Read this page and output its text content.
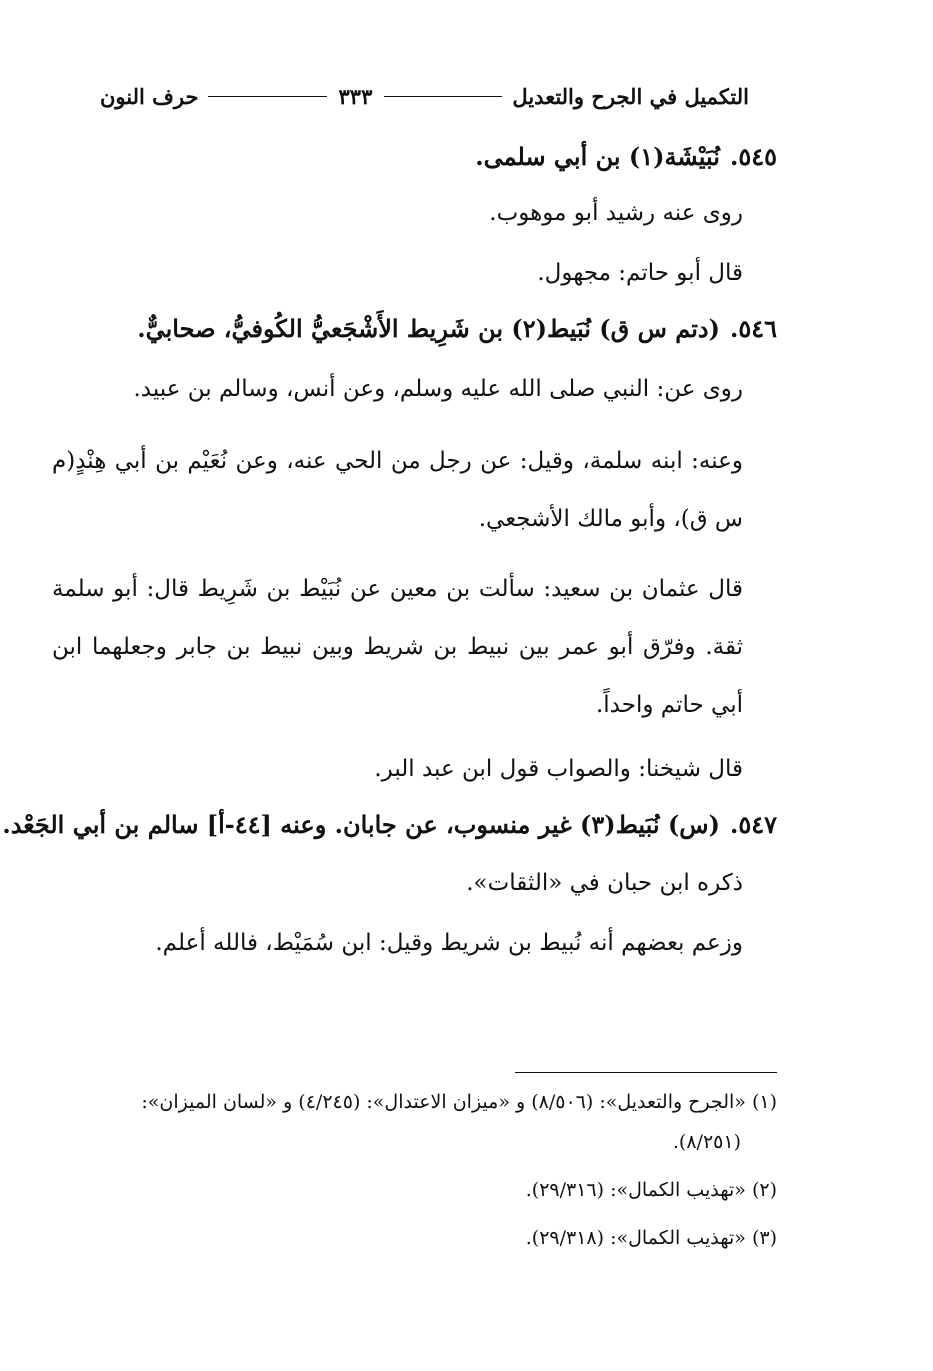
التكميل في الجرح والتعديل
٣٣٣
حرف النون
٥٤٥.نُبَيْشَة(١) بن أبي سلمى.
روى عنه رشيد أبو موهوب.
قال أبو حاتم: مجهول.
٥٤٦.(دتم س ق) نُبَيط(٢) بن شَرِيط الأَشْجَعيُّ الكُوفيُّ، صحابيٌّ.
روى عن: النبي صلى الله عليه وسلم، وعن أنس، وسالم بن عبيد.
وعنه: ابنه سلمة، وقيل: عن رجل من الحي عنه، وعن نُعَيْم بن أبي هِنْدٍ(م س ق)، وأبو مالك الأشجعي.
قال عثمان بن سعيد: سألت بن معين عن نُبَيْط بن شَرِيط قال: أبو سلمة ثقة. وفرّق أبو عمر بين نبيط بن شريط وبين نبيط بن جابر وجعلهما ابن أبي حاتم واحداً.
قال شيخنا: والصواب قول ابن عبد البر.
٥٤٧.(س) نُبَيط(٣) غير منسوب، عن جابان. وعنه [٤٤-أ] سالم بن أبي الجَعْد.
ذكره ابن حبان في «الثقات».
وزعم بعضهم أنه نُبيط بن شريط وقيل: ابن سُمَيْط، فالله أعلم.
(١) «الجرح والتعديل»: (٨/٥٠٦) و «ميزان الاعتدال»: (٤/٢٤٥) و «لسان الميزان»:
(٨/٢٥١).
(٢) «تهذيب الكمال»: (٢٩/٣١٦).
(٣) «تهذيب الكمال»: (٢٩/٣١٨).
